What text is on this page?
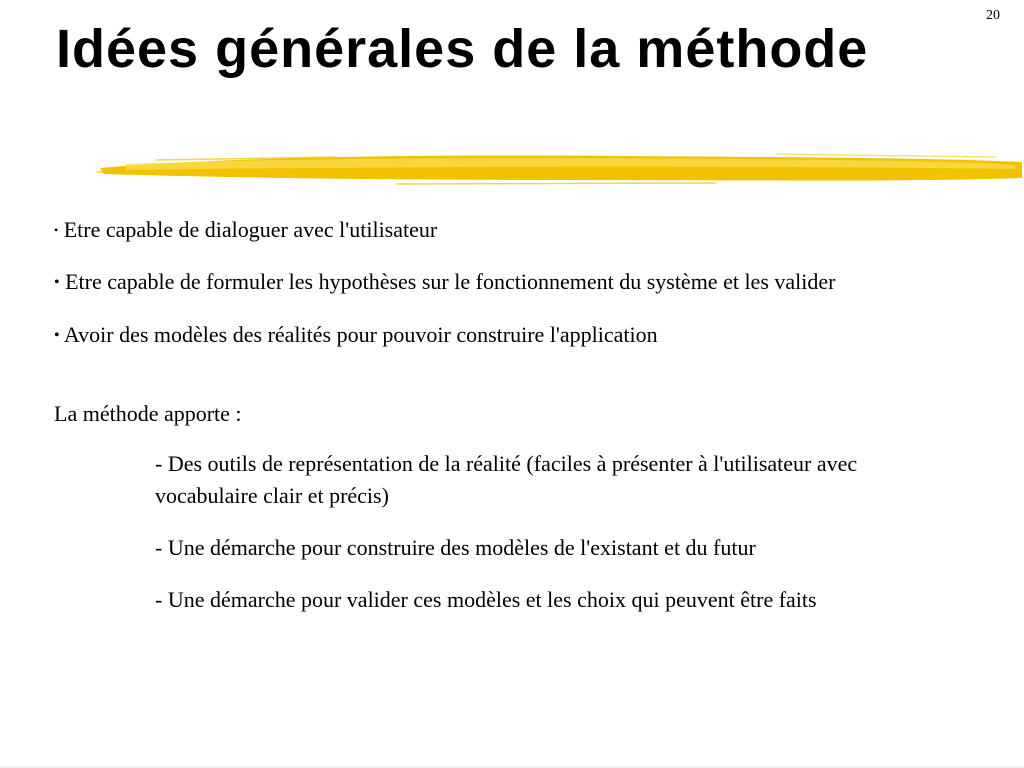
20
Idées générales de la méthode
• Etre capable de dialoguer avec l'utilisateur
• Etre capable de formuler les hypothèses sur le fonctionnement du système et les valider
• Avoir des modèles des réalités pour pouvoir construire l'application

La méthode apporte :

- Des outils de représentation de la réalité (faciles à présenter à l'utilisateur avec vocabulaire clair et précis)
- Une démarche pour construire des modèles de l'existant et du futur
- Une démarche pour valider ces modèles et les choix qui peuvent être faits
